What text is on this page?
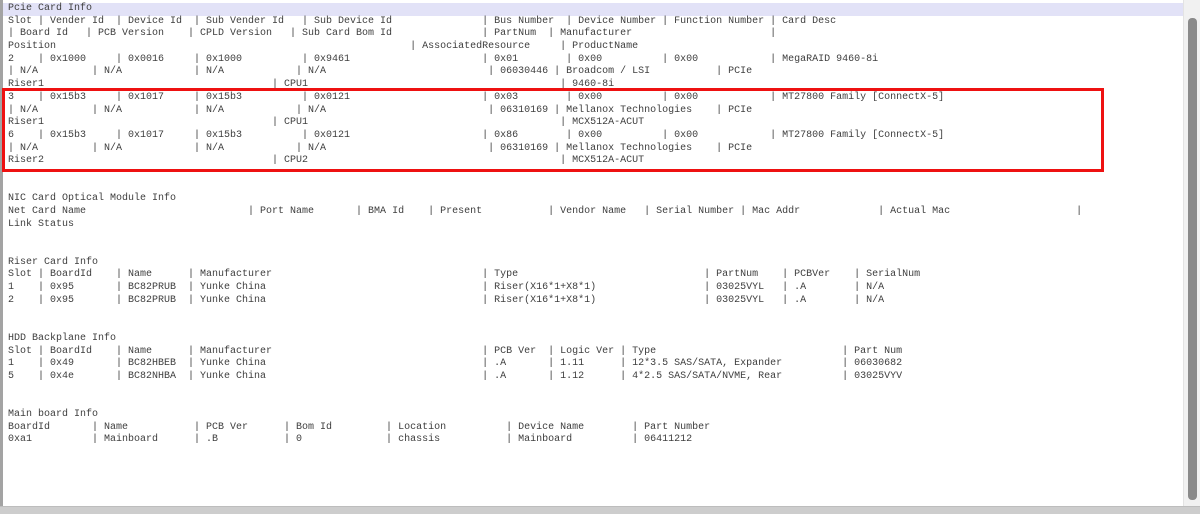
Pcie Card Info
Slot | Vender Id  | Device Id  | Sub Vender Id   | Sub Device Id               | Bus Number  | Device Number | Function Number | Card Desc
| Board Id   | PCB Version    | CPLD Version   | Sub Card Bom Id               | PartNum  | Manufacturer                       |
Position                                                           | AssociatedResource     | ProductName
2    | 0x1000     | 0x0016     | 0x1000          | 0x9461                      | 0x01        | 0x00          | 0x00            | MegaRAID 9460-8i
| N/A         | N/A            | N/A            | N/A                           | 06030446 | Broadcom / LSI           | PCIe
Riser1                                      | CPU1                                          | 9460-8i
3    | 0x15b3     | 0x1017     | 0x15b3          | 0x0121                      | 0x03        | 0x00          | 0x00            | MT27800 Family [ConnectX-5]
| N/A         | N/A            | N/A            | N/A                           | 06310169 | Mellanox Technologies    | PCIe
Riser1                                      | CPU1                                          | MCX512A-ACUT
6    | 0x15b3     | 0x1017     | 0x15b3          | 0x0121                      | 0x86        | 0x00          | 0x00            | MT27800 Family [ConnectX-5]
| N/A         | N/A            | N/A            | N/A                           | 06310169 | Mellanox Technologies    | PCIe
Riser2                                      | CPU2                                          | MCX512A-ACUT
NIC Card Optical Module Info
Net Card Name                           | Port Name       | BMA Id    | Present           | Vendor Name   | Serial Number | Mac Addr             | Actual Mac                     |
Link Status
Riser Card Info
Slot | BoardId    | Name      | Manufacturer                                   | Type                               | PartNum    | PCBVer    | SerialNum
1    | 0x95       | BC82PRUB  | Yunke China                                    | Riser(X16*1+X8*1)                  | 03025VYL   | .A        | N/A
2    | 0x95       | BC82PRUB  | Yunke China                                    | Riser(X16*1+X8*1)                  | 03025VYL   | .A        | N/A
HDD Backplane Info
Slot | BoardId    | Name      | Manufacturer                                   | PCB Ver  | Logic Ver | Type                               | Part Num
1    | 0x49       | BC82HBEB  | Yunke China                                    | .A       | 1.11      | 12*3.5 SAS/SATA, Expander          | 06030682
5    | 0x4e       | BC82NHBA  | Yunke China                                    | .A       | 1.12      | 4*2.5 SAS/SATA/NVME, Rear          | 03025VYV
Main board Info
BoardId       | Name           | PCB Ver      | Bom Id         | Location          | Device Name        | Part Number
0xa1          | Mainboard      | .B           | 0              | chassis           | Mainboard          | 06411212
